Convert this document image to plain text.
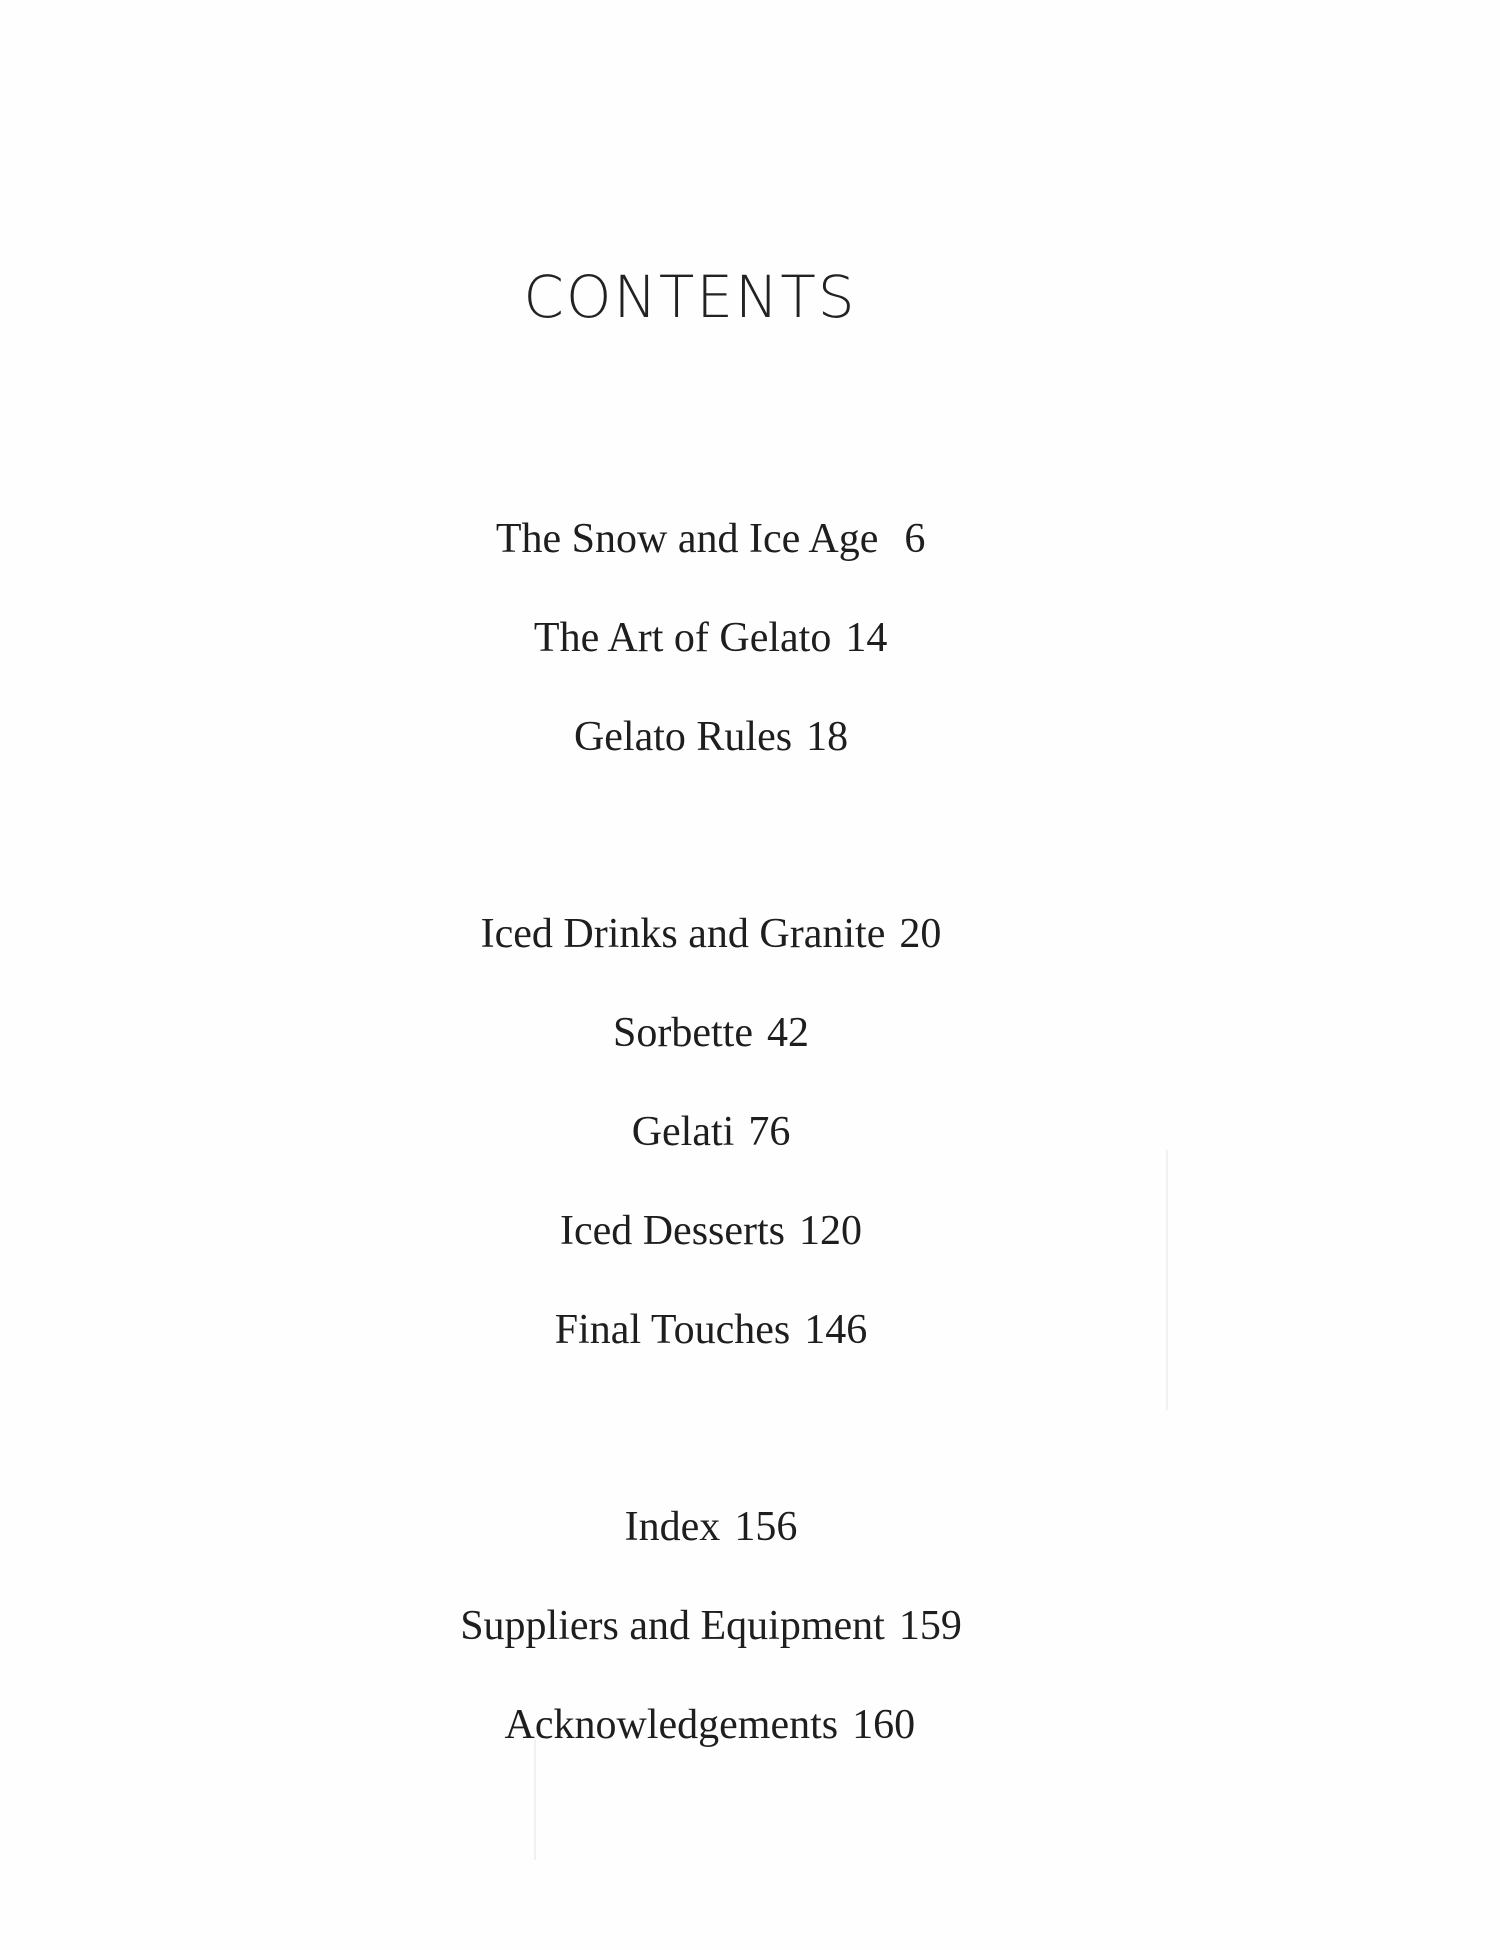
CONTENTS

The Snow and Ice Age 6

The Art of Gelato 14

Gelato Rules 18

Iced Drinks and Granite 20

Sorbette 42

Gelati 76

Iced Desserts 120

Final Touches 146

Index 156

Suppliers and Equipment 159

Acknowledgements 160
